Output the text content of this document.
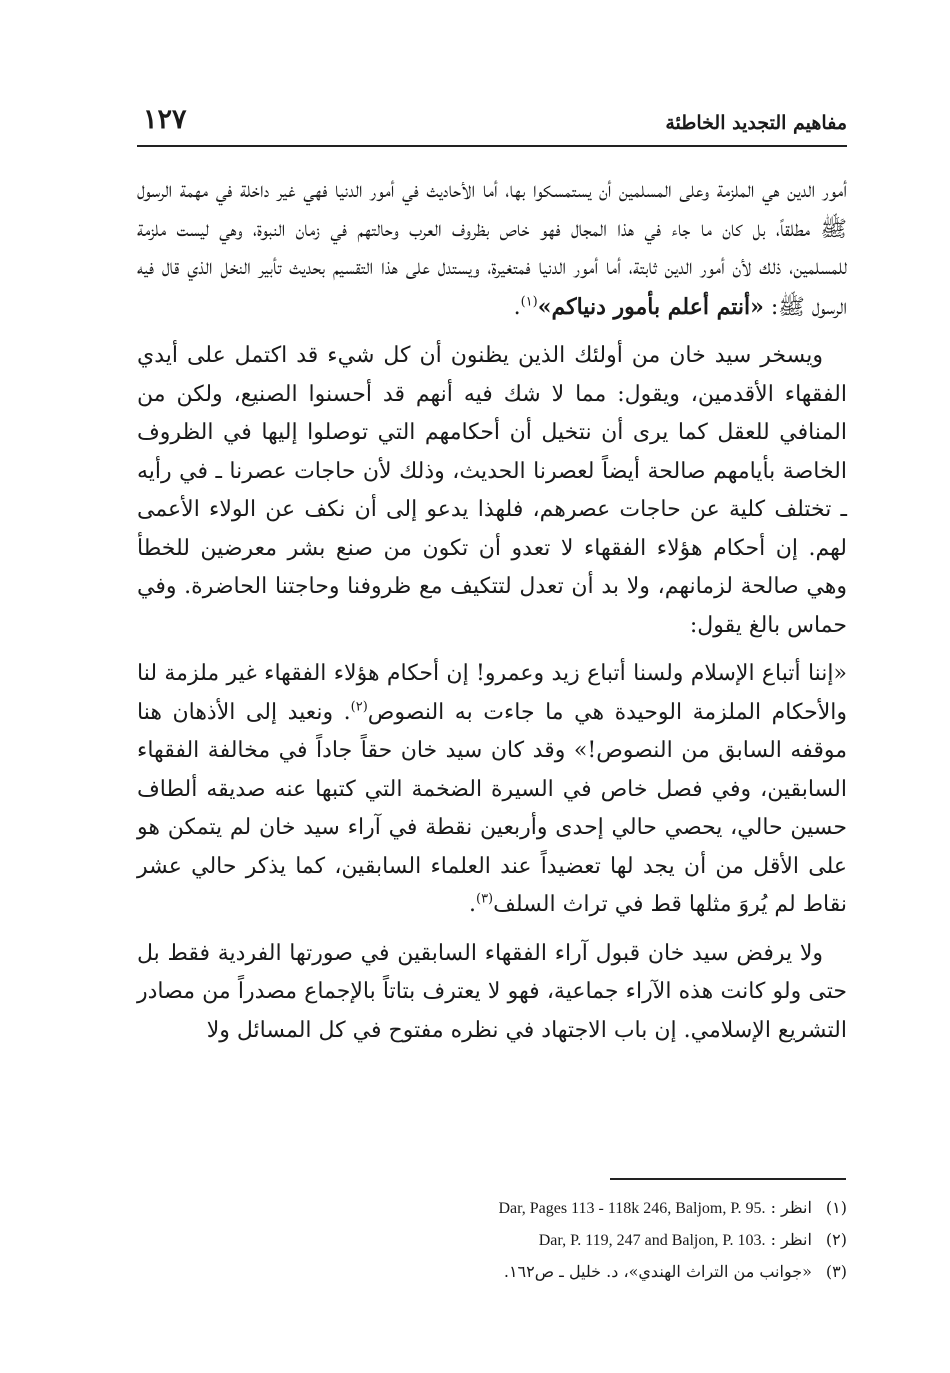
مفاهيم التجديد الخاطئة
١٢٧

أمور الدين هي الملزمة وعلى المسلمين أن يستمسكوا بها، أما الأحاديث في أمور الدنيا فهي غير داخلة في مهمة الرسول ﷺ مطلقاً، بل كان ما جاء في هذا المجال فهو خاص بظروف العرب وحالتهم في زمان النبوة، وهي ليست ملزمة للمسلمين، ذلك لأن أمور الدين ثابتة، أما أمور الدنيا فمتغيرة، ويستدل على هذا التقسيم بحديث تأبير النخل الذي قال فيه الرسول ﷺ: «أنتم أعلم بأمور دنياكم»$^{(١)}$.

ويسخر سيد خان من أولئك الذين يظنون أن كل شيء قد اكتمل على أيدي الفقهاء الأقدمين، ويقول: مما لا شك فيه أنهم قد أحسنوا الصنيع، ولكن من المنافي للعقل كما يرى أن نتخيل أن أحكامهم التي توصلوا إليها في الظروف الخاصة بأيامهم صالحة أيضاً لعصرنا الحديث، وذلك لأن حاجات عصرنا ـ في رأيه ـ تختلف كلية عن حاجات عصرهم، فلهذا يدعو إلى أن نكف عن الولاء الأعمى لهم. إن أحكام هؤلاء الفقهاء لا تعدو أن تكون من صنع بشر معرضين للخطأ وهي صالحة لزمانهم، ولا بد أن تعدل لتتكيف مع ظروفنا وحاجتنا الحاضرة. وفي حماس بالغ يقول:

«إننا أتباع الإسلام ولسنا أتباع زيد وعمرو! إن أحكام هؤلاء الفقهاء غير ملزمة لنا والأحكام الملزمة الوحيدة هي ما جاءت به النصوص$^{(٢)}$. ونعيد إلى الأذهان هنا موقفه السابق من النصوص!» وقد كان سيد خان حقاً جاداً في مخالفة الفقهاء السابقين، وفي فصل خاص في السيرة الضخمة التي كتبها عنه صديقه ألطاف حسين حالي، يحصي حالي إحدى وأربعين نقطة في آراء سيد خان لم يتمكن هو على الأقل من أن يجد لها تعضيداً عند العلماء السابقين، كما يذكر حالي عشر نقاط لم يُروَ مثلها قط في تراث السلف$^{(٣)}$.

ولا يرفض سيد خان قبول آراء الفقهاء السابقين في صورتها الفردية فقط بل حتى ولو كانت هذه الآراء جماعية، فهو لا يعترف بتاتاً بالإجماع مصدراً من مصادر التشريع الإسلامي. إن باب الاجتهاد في نظره مفتوح في كل المسائل ولا

(١) انظر : Dar, Pages 113 - 118k 246, Baljom, P. 95.
(٢) انظر : Dar, P. 119, 247 and Baljon, P. 103.
(٣) «جوانب من التراث الهندي»، د. خليل ـ ص١٦٢.
